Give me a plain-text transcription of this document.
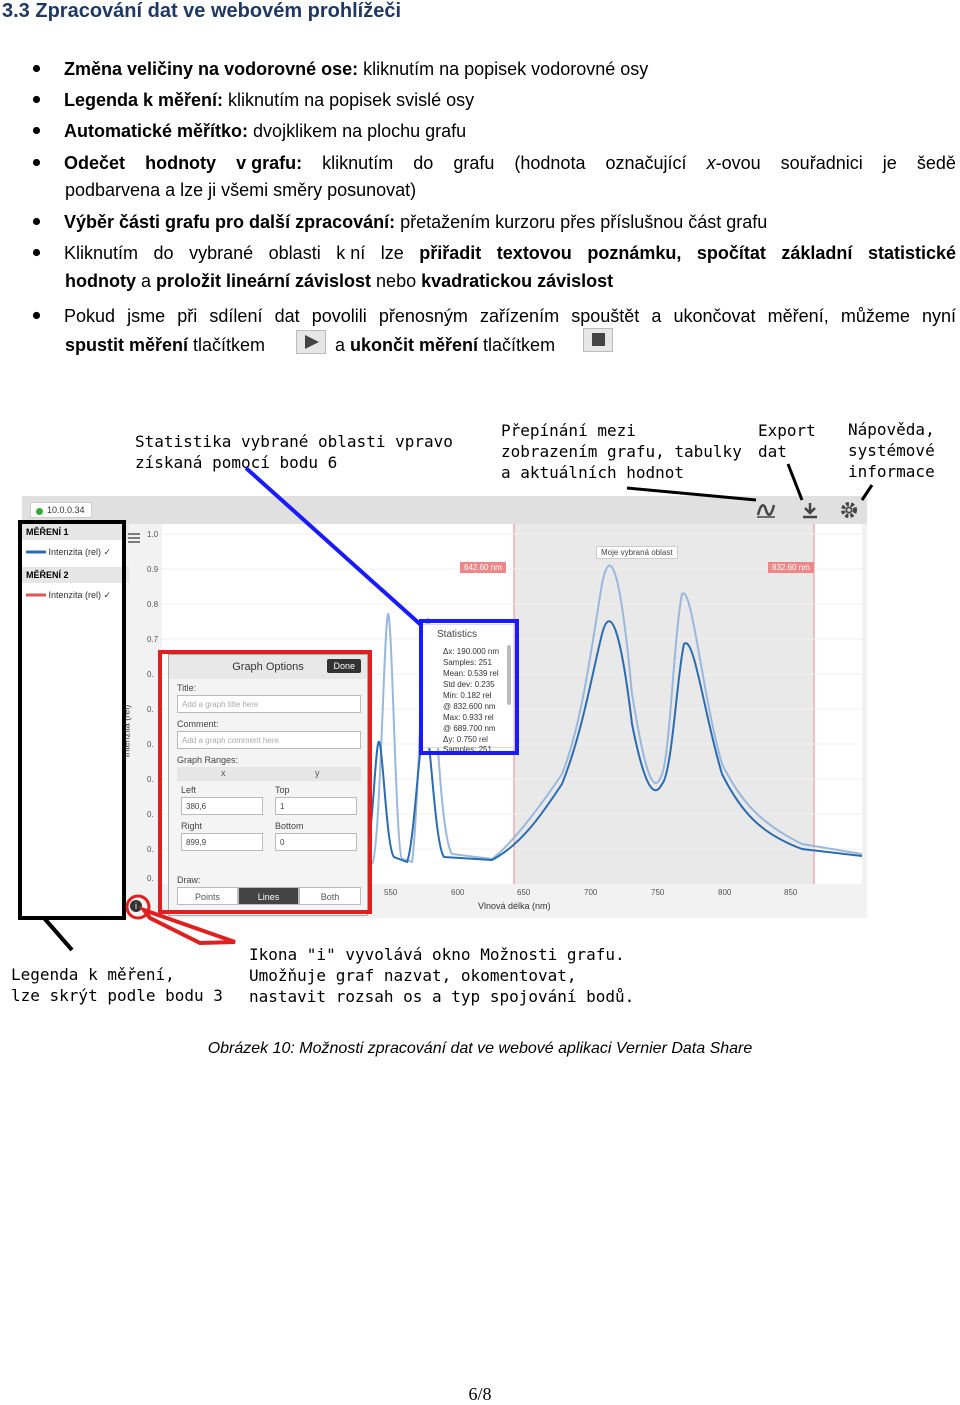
3.3 Zpracování dat ve webovém prohlížeči
Změna veličiny na vodorovné ose: kliknutím na popisek vodorovné osy
Legenda k měření: kliknutím na popisek svislé osy
Automatické měřítko: dvojklikem na plochu grafu
Odečet hodnoty v grafu: kliknutím do grafu (hodnota označující x-ovou souřadnici je šedě
podbarvena a lze ji všemi směry posunovat)
Výběr části grafu pro další zpracování: přetažením kurzoru přes příslušnou část grafu
Kliknutím do vybrané oblasti k ní lze přiřadit textovou poznámku, spočítat základní statistické
hodnoty a proložit lineární závislost nebo kvadratickou závislost
Pokud jsme při sdílení dat povolili přenosným zařízením spouštět a ukončovat měření, můžeme nyní
spustit měření tlačítkem	a ukončit měření tlačítkem
Statistika vybrané oblasti vpravo
získaná pomocí bodu 6
Přepínání mezi
zobrazením grafu, tabulky
a aktuálních hodnot
Export
dat
Nápověda,
systémové
informace
Legenda k měření,
lze skrýt podle bodu 3
Ikona "i" vyvolává okno Možnosti grafu.
Umožňuje graf nazvat, okomentovat,
nastavit rozsah os a typ spojování bodů.
10.0.0.34
MĚŘENÍ 1
Intenzita (rel) ✓
MĚŘENÍ 2
Intenzita (rel) ✓
Intenzita (rel)
1.0
0.9
0.8
0.7
0.
0.
0.
0.
0.
0.
0.
642.60 nm	832.60 nm
Moje vybraná oblast
550	600	650	700	750	800	850
Vlnová délka (nm)
Statistics
Δx: 190.000 nm
Samples: 251
Mean: 0.539 rel
Std dev: 0.235
Min: 0.182 rel
@ 832.600 nm
Max: 0.933 rel
@ 689.700 nm
Δy: 0.750 rel
Samples: 251
Graph Options	Done
Title:
Add a graph title here
Comment:
Add a graph comment here
Graph Ranges:
x	y
Left
380,6
Top
1
Right
899,9
Bottom
0
Draw:
Points	Lines	Both
i
Obrázek 10: Možnosti zpracování dat ve webové aplikaci Vernier Data Share
6/8
